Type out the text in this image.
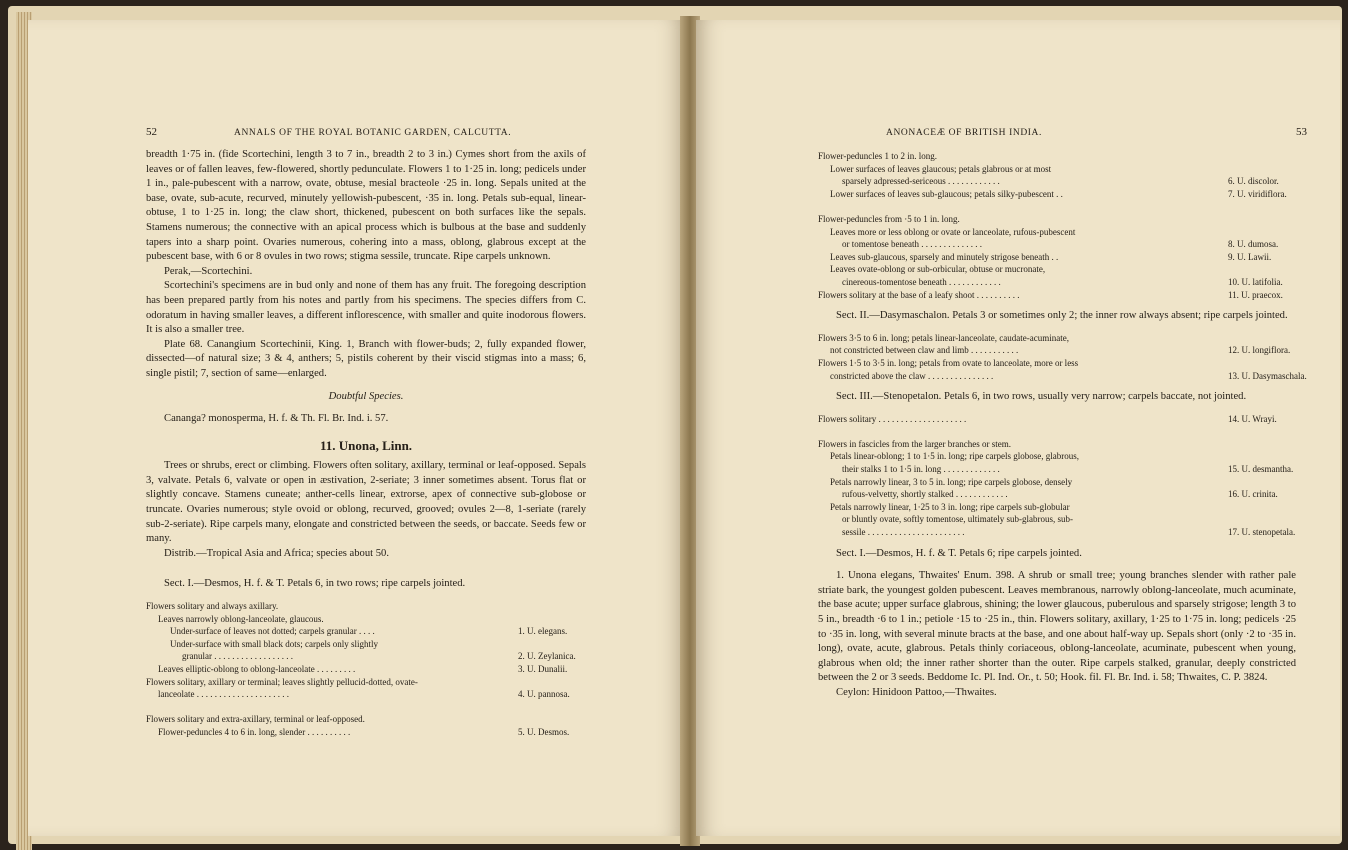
52	ANNALS OF THE ROYAL BOTANIC GARDEN, CALCUTTA.

breadth 1·75 in. (fide Scortechini, length 3 to 7 in., breadth 2 to 3 in.) Cymes short from the axils of leaves or of fallen leaves, few-flowered, shortly pedunculate. Flowers 1 to 1·25 in. long; pedicels under 1 in., pale-pubescent with a narrow, ovate, obtuse, mesial bracteole ·25 in. long. Sepals united at the base, ovate, sub-acute, recurved, minutely yellowish-pubescent, ·35 in. long. Petals sub-equal, linear-obtuse, 1 to 1·25 in. long; the claw short, thickened, pubescent on both surfaces like the sepals. Stamens numerous; the connective with an apical process which is bulbous at the base and suddenly tapers into a sharp point. Ovaries numerous, cohering into a mass, oblong, glabrous except at the pubescent base, with 6 or 8 ovules in two rows; stigma sessile, truncate. Ripe carpels unknown.

Perak,—Scortechini.

Scortechini's specimens are in bud only and none of them has any fruit. The foregoing description has been prepared partly from his notes and partly from his specimens. The species differs from C. odoratum in having smaller leaves, a different inflorescence, with smaller and quite inodorous flowers. It is also a smaller tree.

Plate 68. Canangium Scortechinii, King. 1, Branch with flower-buds; 2, fully expanded flower, dissected—of natural size; 3 & 4, anthers; 5, pistils coherent by their viscid stigmas into a mass; 6, single pistil; 7, section of same—enlarged.

Doubtful Species.

Cananga? monosperma, H. f. & Th. Fl. Br. Ind. i. 57.

11. Unona, Linn.

Trees or shrubs, erect or climbing. Flowers often solitary, axillary, terminal or leaf-opposed. Sepals 3, valvate. Petals 6, valvate or open in æstivation, 2-seriate; 3 inner sometimes absent. Torus flat or slightly concave. Stamens cuneate; anther-cells linear, extrorse, apex of connective sub-globose or truncate. Ovaries numerous; style ovoid or oblong, recurved, grooved; ovules 2—8, 1-seriate (rarely sub-2-seriate). Ripe carpels many, elongate and constricted between the seeds, or baccate. Seeds few or many.

Distrib.—Tropical Asia and Africa; species about 50.

Sect. I.—Desmos, H. f. & T. Petals 6, in two rows; ripe carpels jointed.

Flowers solitary and always axillary.
Leaves narrowly oblong-lanceolate, glaucous.
Under-surface of leaves not dotted; carpels granular . . . .	1. U. elegans.
Under-surface with small black dots; carpels only slightly
granular . . . . . . . . . . . . . . . . . .	2. U. Zeylanica.
Leaves elliptic-oblong to oblong-lanceolate . . . . . . . . .	3. U. Dunalii.
Flowers solitary, axillary or terminal; leaves slightly pellucid-dotted, ovate-
lanceolate . . . . . . . . . . . . . . . . . . . . .	4. U. pannosa.

Flowers solitary and extra-axillary, terminal or leaf-opposed.
Flower-peduncles 4 to 6 in. long, slender . . . . . . . . . .	5. U. Desmos.
ANONACEÆ OF BRITISH INDIA.	53
Flower-peduncles 1 to 2 in. long.
Lower surfaces of leaves glaucous; petals glabrous or at most
sparsely adpressed-sericeous . . . . . . . . . . . .	6. U. discolor.
Lower surfaces of leaves sub-glaucous; petals silky-pubescent . .	7. U. viridiflora.

Flower-peduncles from ·5 to 1 in. long.
Leaves more or less oblong or ovate or lanceolate, rufous-pubescent
or tomentose beneath . . . . . . . . . . . . . .	8. U. dumosa.
Leaves sub-glaucous, sparsely and minutely strigose beneath . .	9. U. Lawii.
Leaves ovate-oblong or sub-orbicular, obtuse or mucronate,
cinereous-tomentose beneath . . . . . . . . . . . .	10. U. latifolia.
Flowers solitary at the base of a leafy shoot . . . . . . . . . .	11. U. praecox.

Sect. II.—Dasymaschalon. Petals 3 or sometimes only 2; the inner row always absent; ripe carpels jointed.

Flowers 3·5 to 6 in. long; petals linear-lanceolate, caudate-acuminate,
not constricted between claw and limb . . . . . . . . . . .	12. U. longiflora.
Flowers 1·5 to 3·5 in. long; petals from ovate to lanceolate, more or less
constricted above the claw . . . . . . . . . . . . . . .	13. U. Dasymaschala.

Sect. III.—Stenopetalon. Petals 6, in two rows, usually very narrow; carpels baccate, not jointed.

Flowers solitary . . . . . . . . . . . . . . . . . . . .	14. U. Wrayi.

Flowers in fascicles from the larger branches or stem.
Petals linear-oblong; 1 to 1·5 in. long; ripe carpels globose, glabrous,
their stalks 1 to 1·5 in. long . . . . . . . . . . . . .	15. U. desmantha.
Petals narrowly linear, 3 to 5 in. long; ripe carpels globose, densely
rufous-velvetty, shortly stalked . . . . . . . . . . . .	16. U. crinita.
Petals narrowly linear, 1·25 to 3 in. long; ripe carpels sub-globular
or bluntly ovate, softly tomentose, ultimately sub-glabrous, sub-
sessile . . . . . . . . . . . . . . . . . . . . . .	17. U. stenopetala.

Sect. I.—Desmos, H. f. & T. Petals 6; ripe carpels jointed.

1. Unona elegans, Thwaites' Enum. 398. A shrub or small tree; young branches slender with rather pale striate bark, the youngest golden pubescent. Leaves membranous, narrowly oblong-lanceolate, much acuminate, the base acute; upper surface glabrous, shining; the lower glaucous, puberulous and sparsely strigose; length 3 to 5 in., breadth ·6 to 1 in.; petiole ·15 to ·25 in., thin. Flowers solitary, axillary, 1·25 to 1·75 in. long; pedicels ·25 to ·35 in. long, with several minute bracts at the base, and one about half-way up. Sepals short (only ·2 to ·35 in. long), ovate, acute, glabrous. Petals thinly coriaceous, oblong-lanceolate, acuminate, pubescent when young, glabrous when old; the inner rather shorter than the outer. Ripe carpels stalked, granular, deeply constricted between the 2 or 3 seeds. Beddome Ic. Pl. Ind. Or., t. 50; Hook. fil. Fl. Br. Ind. i. 58; Thwaites, C. P. 3824.

Ceylon: Hinidoon Pattoo,—Thwaites.
